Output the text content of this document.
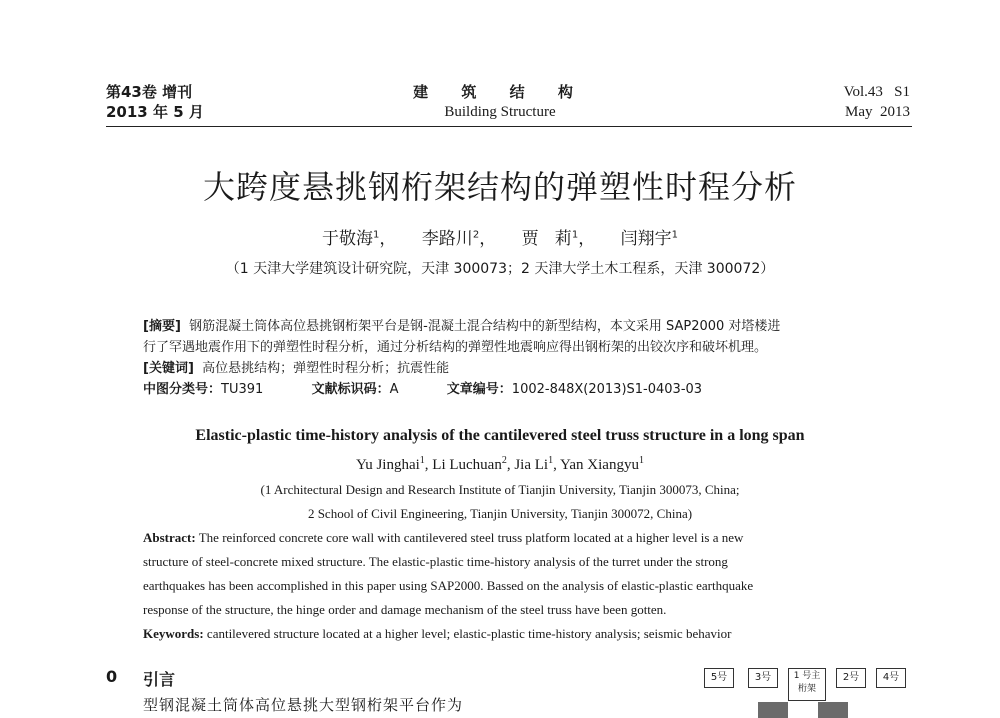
第43卷 增刊
2013 年 5 月
建 筑 结 构
Building Structure
Vol.43   S1
May  2013
大跨度悬挑钢桁架结构的弹塑性时程分析
于敬海$^1$， 李路川$^2$， 贾   莉$^1$， 闫翔宇$^1$
（1 天津大学建筑设计研究院，天津 300073；2 天津大学土木工程系，天津 300072）
[摘要] 钢筋混凝土筒体高位悬挑钢桁架平台是钢-混凝土混合结构中的新型结构，本文采用 SAP2000 对塔楼进
行了罕遇地震作用下的弹塑性时程分析，通过分析结构的弹塑性地震响应得出钢桁架的出铰次序和破坏机理。
[关键词] 高位悬挑结构；弹塑性时程分析；抗震性能
中图分类号：TU391	文献标识码：A	文章编号：1002-848X(2013)S1-0403-03
Elastic-plastic time-history analysis of the cantilevered steel truss structure in a long span
Yu Jinghai$^1$, Li Luchuan$^2$, Jia Li$^1$, Yan Xiangyu$^1$
(1 Architectural Design and Research Institute of Tianjin University, Tianjin 300073, China;
2 School of Civil Engineering, Tianjin University, Tianjin 300072, China)
Abstract: The reinforced concrete core wall with cantilevered steel truss platform located at a higher level is a new
structure of steel-concrete mixed structure. The elastic-plastic time-history analysis of the turret under the strong
earthquakes has been accomplished in this paper using SAP2000. Bassed on the analysis of elastic-plastic earthquake
response of the structure, the hinge order and damage mechanism of the steel truss have been gotten.
Keywords: cantilevered structure located at a higher level; elastic-plastic time-history analysis; seismic behavior
0 引言
型钢混凝土筒体高位悬挑大型钢桁架平台作为
5号	3号	1 号主
桁架
2号	4号
